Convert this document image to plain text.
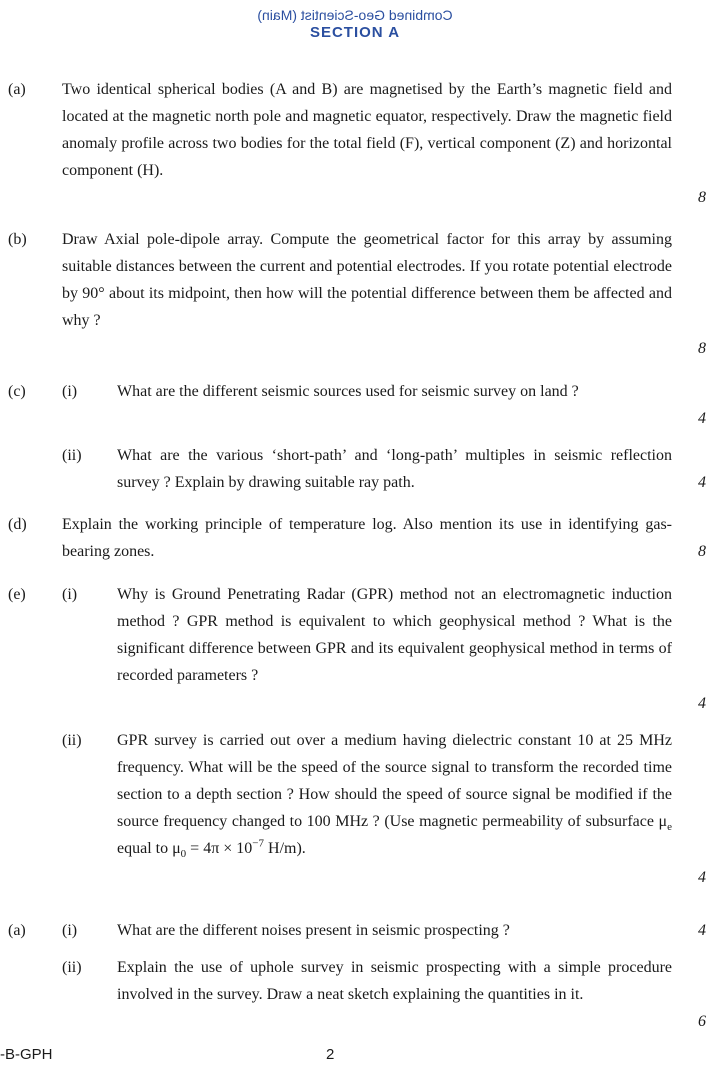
Combined Geo-Scientist (Main)
SECTION A
(a) Two identical spherical bodies (A and B) are magnetised by the Earth’s magnetic field and located at the magnetic north pole and magnetic equator, respectively. Draw the magnetic field anomaly profile across two bodies for the total field (F), vertical component (Z) and horizontal component (H).
8
(b) Draw Axial pole-dipole array. Compute the geometrical factor for this array by assuming suitable distances between the current and potential electrodes. If you rotate potential electrode by 90° about its midpoint, then how will the potential difference between them be affected and why ?
8
(c) (i) What are the different seismic sources used for seismic survey on land ?
4
(ii) What are the various ‘short-path’ and ‘long-path’ multiples in seismic reflection survey ? Explain by drawing suitable ray path.	4
(d) Explain the working principle of temperature log. Also mention its use in identifying gas-bearing zones.	8
(e) (i) Why is Ground Penetrating Radar (GPR) method not an electromagnetic induction method ? GPR method is equivalent to which geophysical method ? What is the significant difference between GPR and its equivalent geophysical method in terms of recorded parameters ?
4
(ii) GPR survey is carried out over a medium having dielectric constant 10 at 25 MHz frequency. What will be the speed of the source signal to transform the recorded time section to a depth section ? How should the speed of source signal be modified if the source frequency changed to 100 MHz ? (Use magnetic permeability of subsurface $\mu_e$ equal to $\mu_0 = 4\pi \times 10^{-7}$ H/m).
4
(a) (i) What are the different noises present in seismic prospecting ?	4
(ii) Explain the use of uphole survey in seismic prospecting with a simple procedure involved in the survey. Draw a neat sketch explaining the quantities in it.
6
-B-GPH	2
